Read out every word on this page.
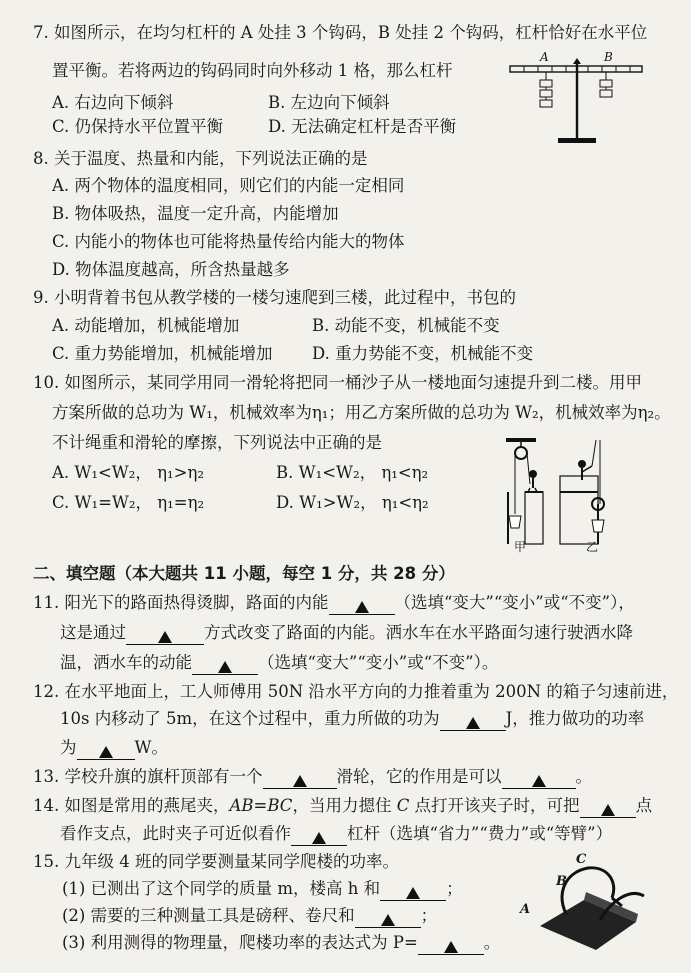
7. 如图所示，在均匀杠杆的 A 处挂 3 个钩码，B 处挂 2 个钩码，杠杆恰好在水平位
置平衡。若将两边的钩码同时向外移动 1 格，那么杠杆
A. 右边向下倾斜	B. 左边向下倾斜
C. 仍保持水平位置平衡	D. 无法确定杠杆是否平衡
A	B
8. 关于温度、热量和内能，下列说法正确的是
A. 两个物体的温度相同，则它们的内能一定相同
B. 物体吸热，温度一定升高，内能增加
C. 内能小的物体也可能将热量传给内能大的物体
D. 物体温度越高，所含热量越多
9. 小明背着书包从教学楼的一楼匀速爬到三楼，此过程中，书包的
A. 动能增加，机械能增加	B. 动能不变，机械能不变
C. 重力势能增加，机械能增加 D. 重力势能不变，机械能不变
10. 如图所示，某同学用同一滑轮将把同一桶沙子从一楼地面匀速提升到二楼。用甲
方案所做的总功为 W₁，机械效率为η₁；用乙方案所做的总功为 W₂，机械效率为η₂。
不计绳重和滑轮的摩擦，下列说法中正确的是
A. W₁<W₂， η₁>η₂	B. W₁<W₂， η₁<η₂
C. W₁=W₂， η₁=η₂	D. W₁>W₂， η₁<η₂
甲	乙
二、填空题（本大题共 11 小题，每空 1 分，共 28 分）
11. 阳光下的路面热得烫脚，路面的内能	（选填“变大”“变小”或“不变”），
这是通过	方式改变了路面的内能。洒水车在水平路面匀速行驶洒水降
温，洒水车的动能	（选填“变大”“变小”或“不变”）。
12. 在水平地面上，工人师傅用 50N 沿水平方向的力推着重为 200N 的箱子匀速前进，
10s 内移动了 5m，在这个过程中，重力所做的功为	J，推力做功的功率
为	W。
13. 学校升旗的旗杆顶部有一个	滑轮，它的作用是可以	。
14. 如图是常用的燕尾夹，AB=BC，当用力摁住 C 点打开该夹子时，可把	点
看作支点，此时夹子可近似看作	杠杆（选填“省力”“费力”或“等臂”）
15. 九年级 4 班的同学要测量某同学爬楼的功率。
(1) 已测出了这个同学的质量 m，楼高 h 和	；
(2) 需要的三种测量工具是磅秤、卷尺和	；
(3) 利用测得的物理量，爬楼功率的表达式为 P=	。
C
B
A
